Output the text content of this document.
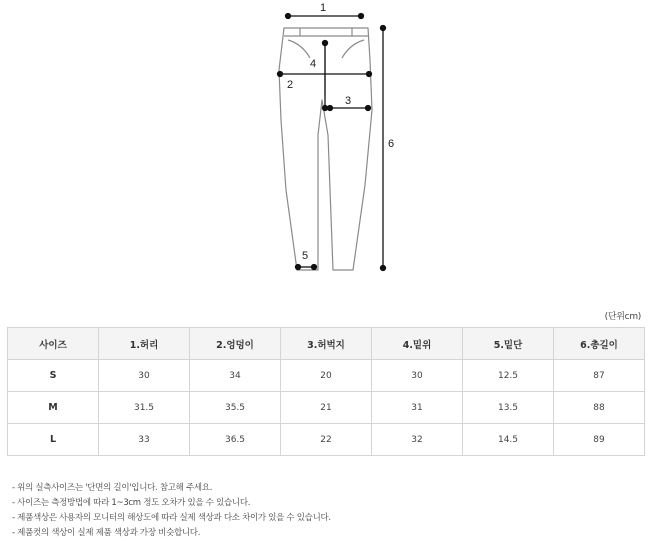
1
2
3
4
5
6
(단위cm)
사이즈	1.허리	2.엉덩이	3.허벅지	4.밑위	5.밑단	6.총길이
S	30	34	20	30	12.5	87
M	31.5	35.5	21	31	13.5	88
L	33	36.5	22	32	14.5	89
- 위의 실측사이즈는 '단면의 길이'입니다. 참고해 주세요.
- 사이즈는 측정방법에 따라 1~3cm 정도 오차가 있을 수 있습니다.
- 제품색상은 사용자의 모니터의 해상도에 따라 실제 색상과 다소 차이가 있을 수 있습니다.
- 제품컷의 색상이 실제 제품 색상과 가장 비슷합니다.
